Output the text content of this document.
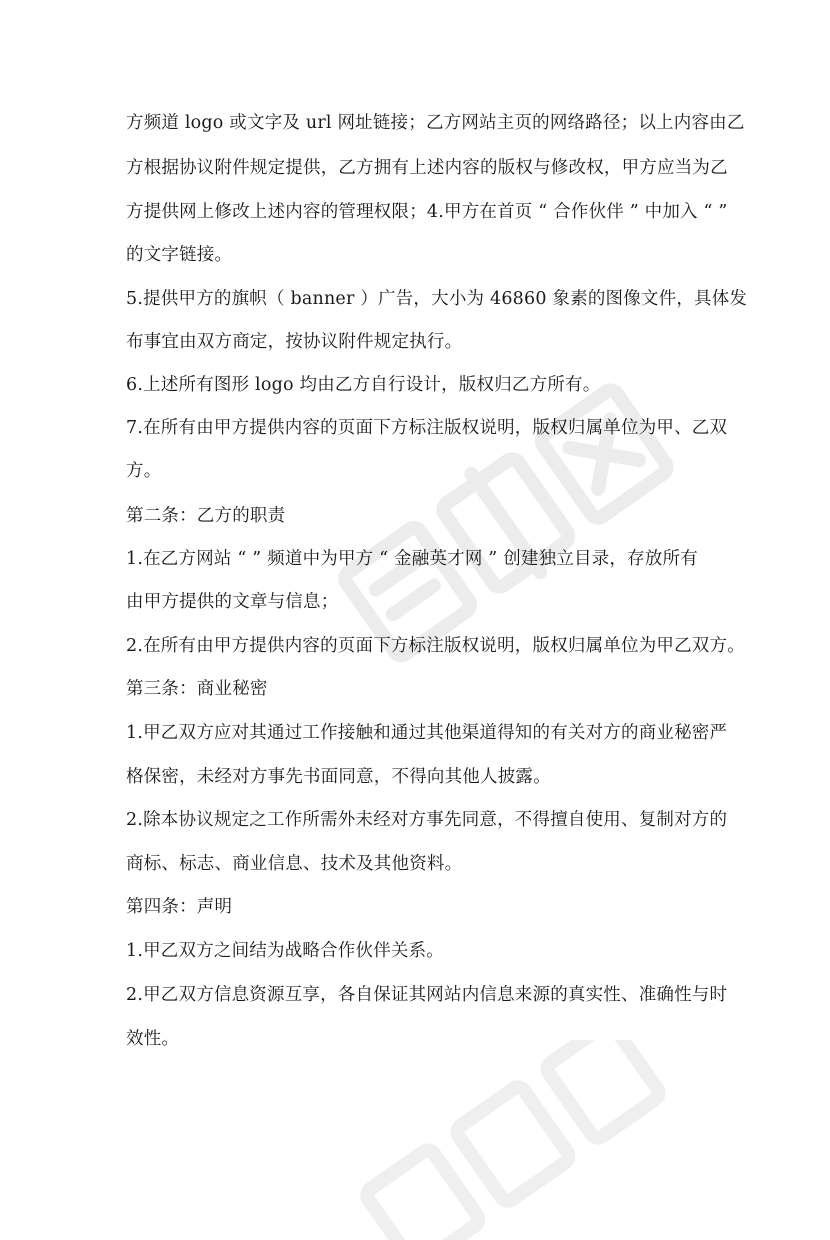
方频道 logo 或文字及 url 网址链接；乙方网站主页的网络路径；以上内容由乙
方根据协议附件规定提供，乙方拥有上述内容的版权与修改权，甲方应当为乙
方提供网上修改上述内容的管理权限；4.甲方在首页 “ 合作伙伴 ” 中加入 “ ”
的文字链接。
5.提供甲方的旗帜（ banner ）广告，大小为 46860 象素的图像文件，具体发
布事宜由双方商定，按协议附件规定执行。
6.上述所有图形 logo 均由乙方自行设计，版权归乙方所有。
7.在所有由甲方提供内容的页面下方标注版权说明，版权归属单位为甲、乙双
方。
第二条：乙方的职责
1.在乙方网站 “ ” 频道中为甲方 “ 金融英才网 ” 创建独立目录，存放所有
由甲方提供的文章与信息；
2.在所有由甲方提供内容的页面下方标注版权说明，版权归属单位为甲乙双方。
第三条：商业秘密
1.甲乙双方应对其通过工作接触和通过其他渠道得知的有关对方的商业秘密严
格保密，未经对方事先书面同意，不得向其他人披露。
2.除本协议规定之工作所需外未经对方事先同意，不得擅自使用、复制对方的
商标、标志、商业信息、技术及其他资料。
第四条：声明
1.甲乙双方之间结为战略合作伙伴关系。
2.甲乙双方信息资源互享，各自保证其网站内信息来源的真实性、准确性与时
效性。
